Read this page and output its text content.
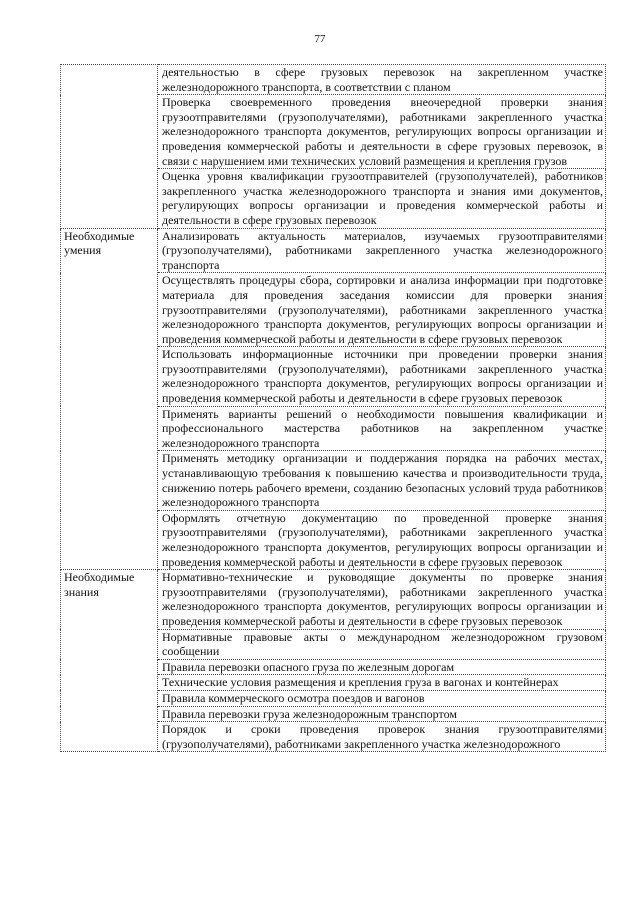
77
	деятельностью в сфере грузовых перевозок на закрепленном участке железнодорожного транспорта, в соответствии с планом
	Проверка своевременного проведения внеочередной проверки знания грузоотправителями (грузополучателями), работниками закрепленного участка железнодорожного транспорта документов, регулирующих вопросы организации и проведения коммерческой работы и деятельности в сфере грузовых перевозок, в связи с нарушением ими технических условий размещения и крепления грузов
	Оценка уровня квалификации грузоотправителей (грузополучателей), работников закрепленного участка железнодорожного транспорта и знания ими документов, регулирующих вопросы организации и проведения коммерческой работы и деятельности в сфере грузовых перевозок
Необходимые умения	Анализировать актуальность материалов, изучаемых грузоотправителями (грузополучателями), работниками закрепленного участка железнодорожного транспорта
	Осуществлять процедуры сбора, сортировки и анализа информации при подготовке материала для проведения заседания комиссии для проверки знания грузоотправителями (грузополучателями), работниками закрепленного участка железнодорожного транспорта документов, регулирующих вопросы организации и проведения коммерческой работы и деятельности в сфере грузовых перевозок
	Использовать информационные источники при проведении проверки знания грузоотправителями (грузополучателями), работниками закрепленного участка железнодорожного транспорта документов, регулирующих вопросы организации и проведения коммерческой работы и деятельности в сфере грузовых перевозок
	Применять варианты решений о необходимости повышения квалификации и профессионального мастерства работников на закрепленном участке железнодорожного транспорта
	Применять методику организации и поддержания порядка на рабочих местах, устанавливающую требования к повышению качества и производительности труда, снижению потерь рабочего времени, созданию безопасных условий труда работников железнодорожного транспорта
	Оформлять отчетную документацию по проведенной проверке знания грузоотправителями (грузополучателями), работниками закрепленного участка железнодорожного транспорта документов, регулирующих вопросы организации и проведения коммерческой работы и деятельности в сфере грузовых перевозок
Необходимые знания	Нормативно-технические и руководящие документы по проверке знания грузоотправителями (грузополучателями), работниками закрепленного участка железнодорожного транспорта документов, регулирующих вопросы организации и проведения коммерческой работы и деятельности в сфере грузовых перевозок
	Нормативные правовые акты о международном железнодорожном грузовом сообщении
	Правила перевозки опасного груза по железным дорогам
	Технические условия размещения и крепления груза в вагонах и контейнерах
	Правила коммерческого осмотра поездов и вагонов
	Правила перевозки груза железнодорожным транспортом
	Порядок и сроки проведения проверок знания грузоотправителями (грузополучателями), работниками закрепленного участка железнодорожного
